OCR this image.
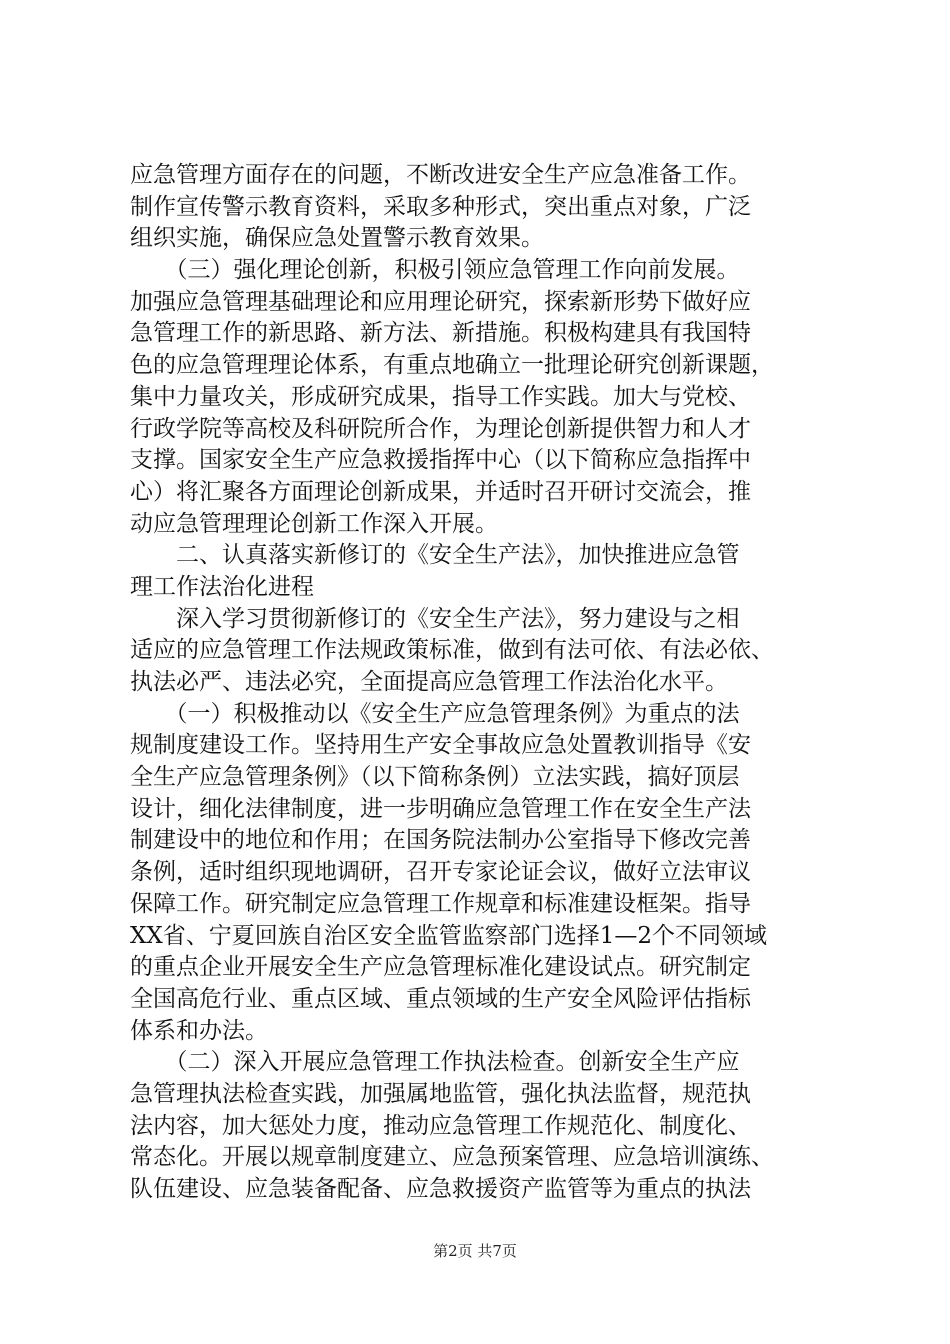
应急管理方面存在的问题，不断改进安全生产应急准备工作。
制作宣传警示教育资料，采取多种形式，突出重点对象，广泛
组织实施，确保应急处置警示教育效果。
　　（三）强化理论创新，积极引领应急管理工作向前发展。
加强应急管理基础理论和应用理论研究，探索新形势下做好应
急管理工作的新思路、新方法、新措施。积极构建具有我国特
色的应急管理理论体系，有重点地确立一批理论研究创新课题，
集中力量攻关，形成研究成果，指导工作实践。加大与党校、
行政学院等高校及科研院所合作，为理论创新提供智力和人才
支撑。国家安全生产应急救援指挥中心（以下简称应急指挥中
心）将汇聚各方面理论创新成果，并适时召开研讨交流会，推
动应急管理理论创新工作深入开展。
　　二、认真落实新修订的《安全生产法》，加快推进应急管
理工作法治化进程
　　深入学习贯彻新修订的《安全生产法》，努力建设与之相
适应的应急管理工作法规政策标准，做到有法可依、有法必依、
执法必严、违法必究，全面提高应急管理工作法治化水平。
　　（一）积极推动以《安全生产应急管理条例》为重点的法
规制度建设工作。坚持用生产安全事故应急处置教训指导《安
全生产应急管理条例》（以下简称条例）立法实践，搞好顶层
设计，细化法律制度，进一步明确应急管理工作在安全生产法
制建设中的地位和作用；在国务院法制办公室指导下修改完善
条例，适时组织现地调研，召开专家论证会议，做好立法审议
保障工作。研究制定应急管理工作规章和标准建设框架。指导
XX省、宁夏回族自治区安全监管监察部门选择1—2个不同领域
的重点企业开展安全生产应急管理标准化建设试点。研究制定
全国高危行业、重点区域、重点领域的生产安全风险评估指标
体系和办法。
　　（二）深入开展应急管理工作执法检查。创新安全生产应
急管理执法检查实践，加强属地监管，强化执法监督，规范执
法内容，加大惩处力度，推动应急管理工作规范化、制度化、
常态化。开展以规章制度建立、应急预案管理、应急培训演练、
队伍建设、应急装备配备、应急救援资产监管等为重点的执法
第2页 共7页
